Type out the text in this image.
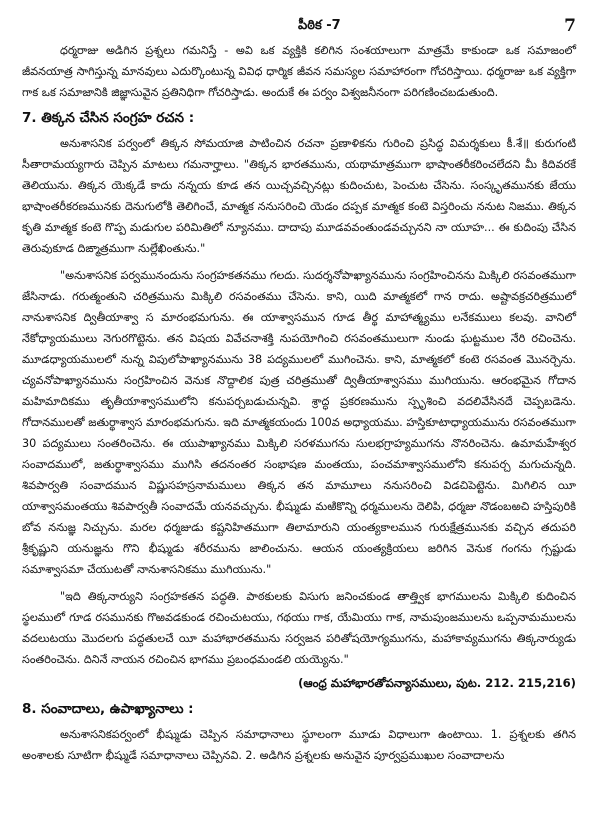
పీఠిక -7	7

ధర్మరాజు అడిగిన ప్రశ్నలు గమనిస్తే - అవి ఒక వ్యక్తికి కలిగిన సంశయాలుగా మాత్రమే కాకుండా ఒక సమాజంలో జీవనయాత్ర సాగిస్తున్న మానవులు ఎదుర్కొంటున్న వివిధ ధార్మిక జీవన సమస్యల సమాహారంగా గోచరిస్తాయి. ధర్మరాజు ఒక వ్యక్తిగా గాక ఒక సమాజానికి జిజ్ఞాసువైన ప్రతినిధిగా గోచరిస్తాడు. అందుకే ఈ పర్వం విశ్వజనీనంగా పరిగణించబడుతుంది.

7. తిక్కన చేసిన సంగ్రహ రచన :

అనుశాసనిక పర్వంలో తిక్కన సోమయాజి పాటించిన రచనా ప్రణాళికను గురించి ప్రసిద్ధ విమర్శకులు కీ.శే॥ కురుగంటి సీతారామయ్యగారు చెప్పిన మాటలు గమనార్హాలు. "తిక్కన భారతమును, యథామాత్రముగా భాషాంతరీకరించలేదని మీ కిదివరకే తెలియును. తిక్కన యెక్కడే కాదు నన్నయ కూడ తన యిచ్చవచ్చినట్లు కుదించుట, పెంచుట చేసెను. సంస్కృతమునకు జేయు భాషాంతరీకరణమునకు దెనుగులోకి తెలిగించే, మాత్మక ననుసరించి యెడం దప్పక మాత్మక కంటె విస్తరించు ననుట నిజము. తిక్కన కృతి మాత్మక కంటె గొప్ప మడుగుల పరిమితిలో న్యూనము. దాదాపు మూడవవంతుండవచ్చునని నా యూహ... ఈ కుదింపు చేసిన తెరువుకూడ దిఙ్మాత్రముగా నుల్లేఖింతును."

"అనుశాసనిక పర్వమునందును సంగ్రహకతనము గలదు. సుదర్శనోపాఖ్యానమును సంగ్రహించినను మిక్కిలి రసవంతముగా జేసినాడు. గరుత్మంతుని చరిత్రమును మిక్కిలి రసవంతము చేసెను. కాని, యిది మాత్మకలో గాన రాదు. అష్టావక్రచరిత్రములో నానుశాసనిక ద్వితీయాశ్వా స మారంభమగును. ఈ యాశ్వాసమున గూడ తీర్థ మాహాత్మ్యము లనేకములు కలవు. వానిలో నేకోధ్యాయములు నెగురగొట్టెను. తన విషయ వివేచనాశక్తి నుపయోగించి రసవంతములుగా నుండు ఘట్టముల నేరి రచించెను. మూడధ్యాయములలో నున్న విపులోపాఖ్యానమును 38 పద్యములలో ముగించెను. కాని, మాత్మకలో కంటె రసవంత మొనర్చెను. చ్యవనోపాఖ్యానమును సంగ్రహించిన వెనుక నొద్దాలిక పుత్ర చరిత్రముతో ద్వితీయాశ్వాసము ముగియును. ఆరంభమైన గోదాన మహిమాదికము తృతీయాశ్వాసములోని కనుపర్చబడుచున్నవి. శ్రాద్ధ ప్రకరణమును స్పృశించి వదలివేసినదే చెప్పబడెను. గోదానములతో జతుర్థాశ్వాస మారంభమగును. ఇది మాత్మకయందు 100వ అధ్యాయము. హస్తికూటాధ్యాయమును రసవంతముగా 30 పద్యములు సంతరించెను. ఈ యుపాఖ్యానము మిక్కిలి సరళముగను సులభగ్రాహ్యముగను నొనరించెను. ఉమామహేశ్వర సంవాదములో, జతుర్థాశ్వాసము ముగిసి తదనంతర సంభాషణ మంతయు, పంచమాశ్వాసములోని కనుపర్చ మగుచున్నది. శివపార్వతి సంవాదమున విష్ణుసహస్రనామములు తిక్కన తన మామూలు ననుసరించి విడచిపెట్టెను. మిగిలిన యీ యాశ్వాసమంతయు శివపార్వతీ సంవాదమే యనవచ్చును. భీష్ముడు మఱికొన్ని ధర్మములను దెలిపి, ధర్మజు నొడంబఱచి హస్తిపురికి బోవ ననుజ్ఞ నిచ్చును. మరల ధర్మజుడు కష్టనిహితముగా తిలామారుని యంత్యకాలమున గురుక్షేత్రమునకు వచ్చిన తదుపరి శ్రీకృష్ణుని యనుజ్ఞను గొని భీష్ముడు శరీరమును జాలించును. ఆయన యంత్యక్రియలు జరిగిన వెనుక గంగను గ్సష్టుడు సమాశ్వాసమా చేయుటతో నానుశాసనికము ముగియును."

"ఇది తిక్కనార్యుని సంగ్రహకతన పద్ధతి. పాఠకులకు విసుగు జనించకుండ తాత్త్విక భాగములను మిక్కిలి కుదించిన స్థలములో గూడ రసమునకు గొఱవడకుండ రచించుటయు, గథయు గాక, యేమియు గాక, నామపుంజములను ఒప్పనామములను వదలుటయు మొదలగు పద్ధతులచే యీ మహాభారతమును సర్వజన పరితోషయోగ్యముగను, మహాకావ్యముగను తిక్కనార్యుడు సంతరించెను. దినినే నాయన రచించిన భాగము ప్రబంధమండలి యయ్యెను."

(ఆంధ్ర మహాభారతోపన్యాసములు, పుట. 212. 215,216)
8. సంవాదాలు, ఉపాఖ్యానాలు :

అనుశాసనికపర్వంలో భీష్ముడు చెప్పిన సమాధానాలు స్థూలంగా మూడు విధాలుగా ఉంటాయి. 1. ప్రశ్నలకు తగిన అంశాలకు సూటిగా భీష్ముడే సమాధానాలు చెప్పినవి. 2. అడిగిన ప్రశ్నలకు అనువైన పూర్వప్రముఖుల సంవాదాలను
